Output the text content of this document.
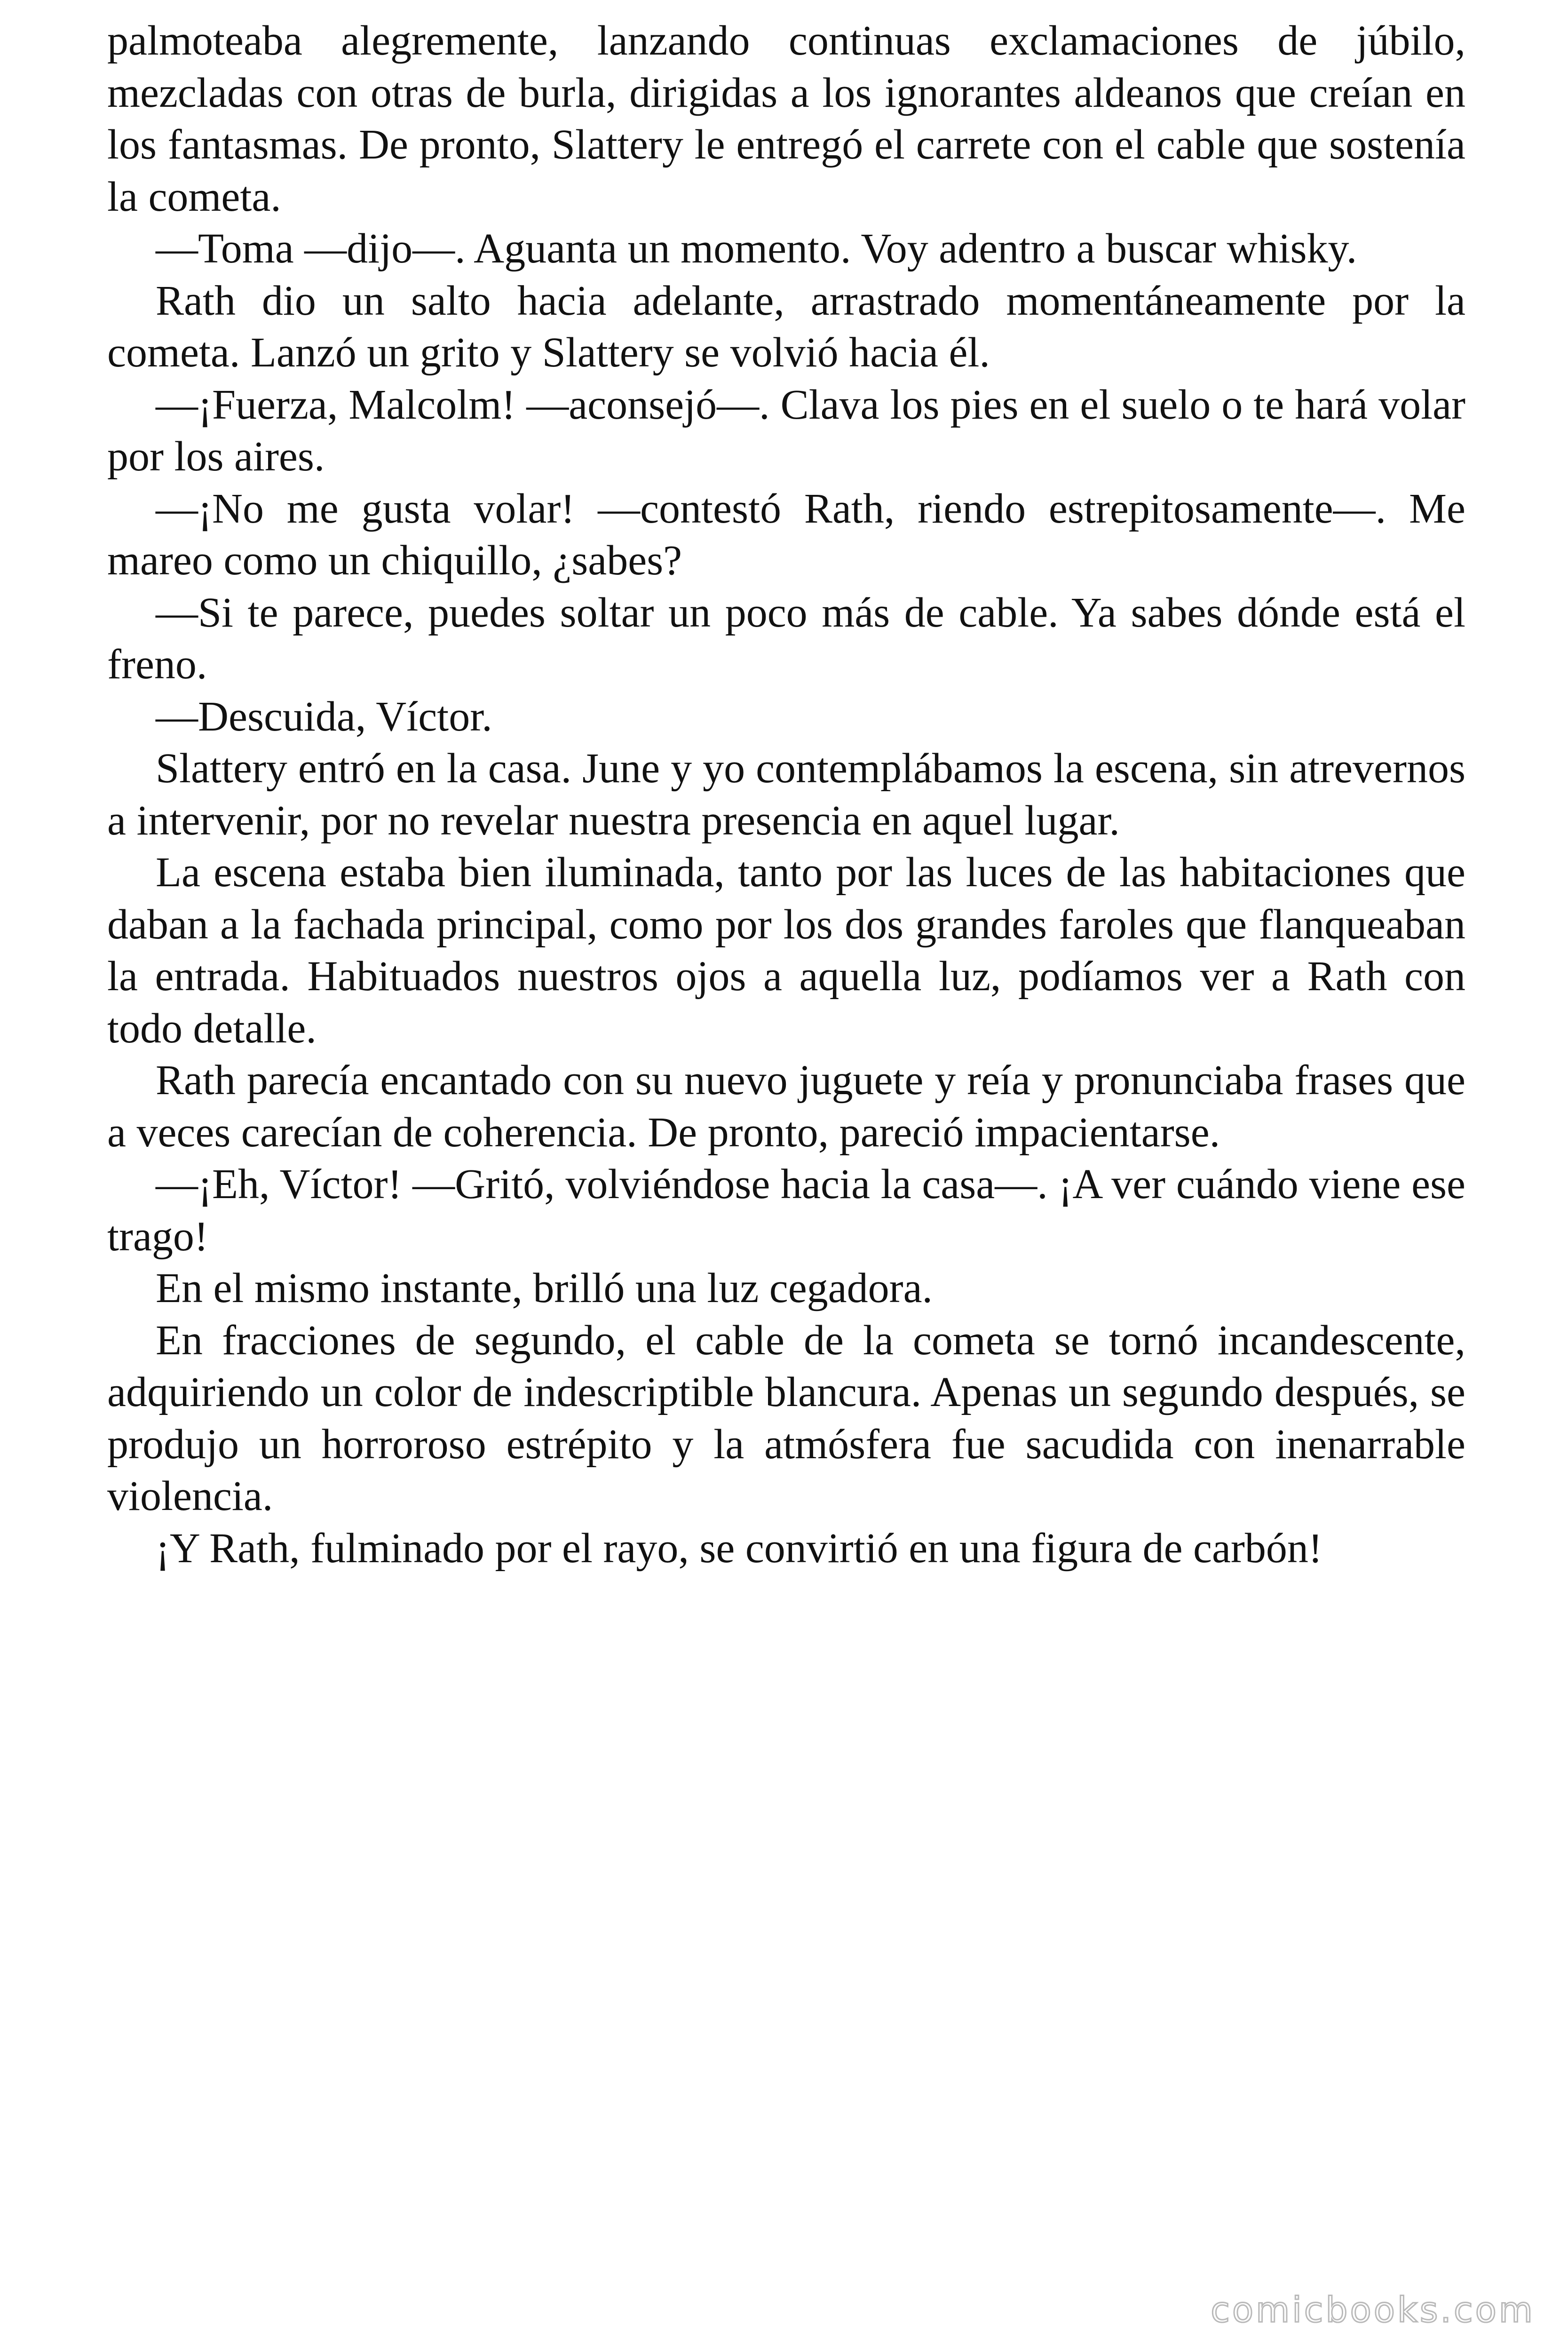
palmoteaba alegremente, lanzando continuas exclamaciones de júbilo, mezcladas con otras de burla, dirigidas a los ignorantes aldeanos que creían en los fantasmas. De pronto, Slattery le entregó el carrete con el cable que sostenía la cometa.

—Toma —dijo—. Aguanta un momento. Voy adentro a buscar whisky.

Rath dio un salto hacia adelante, arrastrado momentáneamente por la cometa. Lanzó un grito y Slattery se volvió hacia él.

—¡Fuerza, Malcolm! —aconsejó—. Clava los pies en el suelo o te hará volar por los aires.

—¡No me gusta volar! —contestó Rath, riendo estrepitosamente—. Me mareo como un chiquillo, ¿sabes?

—Si te parece, puedes soltar un poco más de cable. Ya sabes dónde está el freno.

—Descuida, Víctor.

Slattery entró en la casa. June y yo contemplábamos la escena, sin atrevernos a intervenir, por no revelar nuestra presencia en aquel lugar.

La escena estaba bien iluminada, tanto por las luces de las habitaciones que daban a la fachada principal, como por los dos grandes faroles que flanqueaban la entrada. Habituados nuestros ojos a aquella luz, podíamos ver a Rath con todo detalle.

Rath parecía encantado con su nuevo juguete y reía y pronunciaba frases que a veces carecían de coherencia. De pronto, pareció impacientarse.

—¡Eh, Víctor! —Gritó, volviéndose hacia la casa—. ¡A ver cuándo viene ese trago!

En el mismo instante, brilló una luz cegadora.

En fracciones de segundo, el cable de la cometa se tornó incandescente, adquiriendo un color de indescriptible blancura. Apenas un segundo después, se produjo un horroroso estrépito y la atmósfera fue sacudida con inenarrable violencia.

¡Y Rath, fulminado por el rayo, se convirtió en una figura de carbón!

comicbooks.com
